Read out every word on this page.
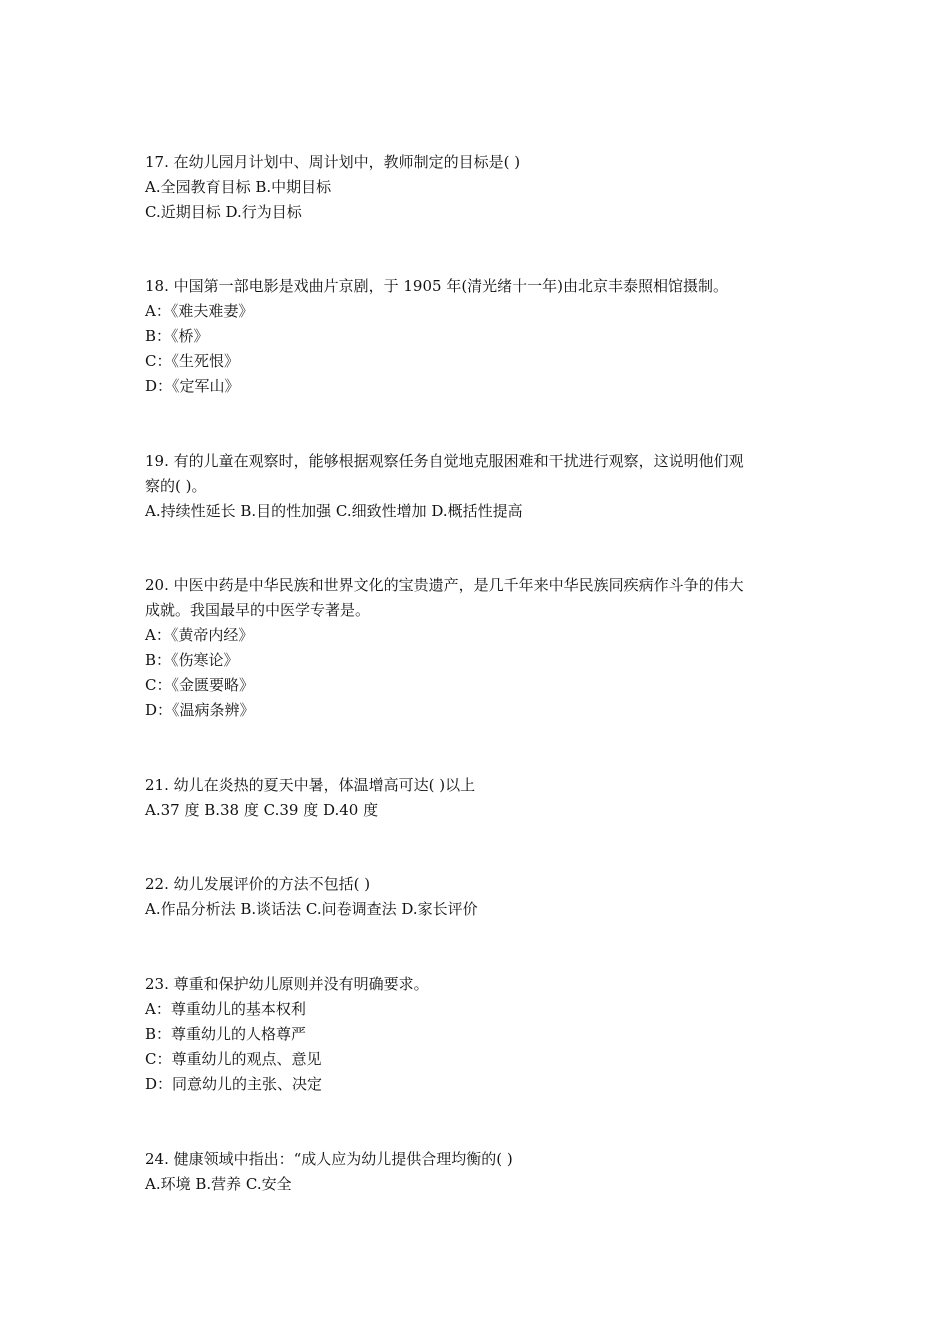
17. 在幼儿园月计划中、周计划中，教师制定的目标是( )
A.全园教育目标 B.中期目标
C.近期目标 D.行为目标
18. 中国第一部电影是戏曲片京剧，于 1905 年(清光绪十一年)由北京丰泰照相馆摄制。
A：《难夫难妻》
B：《桥》
C：《生死恨》
D：《定军山》
19. 有的儿童在观察时，能够根据观察任务自觉地克服困难和干扰进行观察，这说明他们观
察的( )。
A.持续性延长 B.目的性加强 C.细致性增加 D.概括性提高
20. 中医中药是中华民族和世界文化的宝贵遗产，是几千年来中华民族同疾病作斗争的伟大
成就。我国最早的中医学专著是。
A：《黄帝内经》
B：《伤寒论》
C：《金匮要略》
D：《温病条辨》
21. 幼儿在炎热的夏天中暑，体温增高可达( )以上
A.37 度 B.38 度 C.39 度 D.40 度
22. 幼儿发展评价的方法不包括( )
A.作品分析法 B.谈话法 C.问卷调查法 D.家长评价
23. 尊重和保护幼儿原则并没有明确要求。
A：尊重幼儿的基本权利
B：尊重幼儿的人格尊严
C：尊重幼儿的观点、意见
D：同意幼儿的主张、决定
24. 健康领域中指出：“成人应为幼儿提供合理均衡的( )
A.环境 B.营养 C.安全
